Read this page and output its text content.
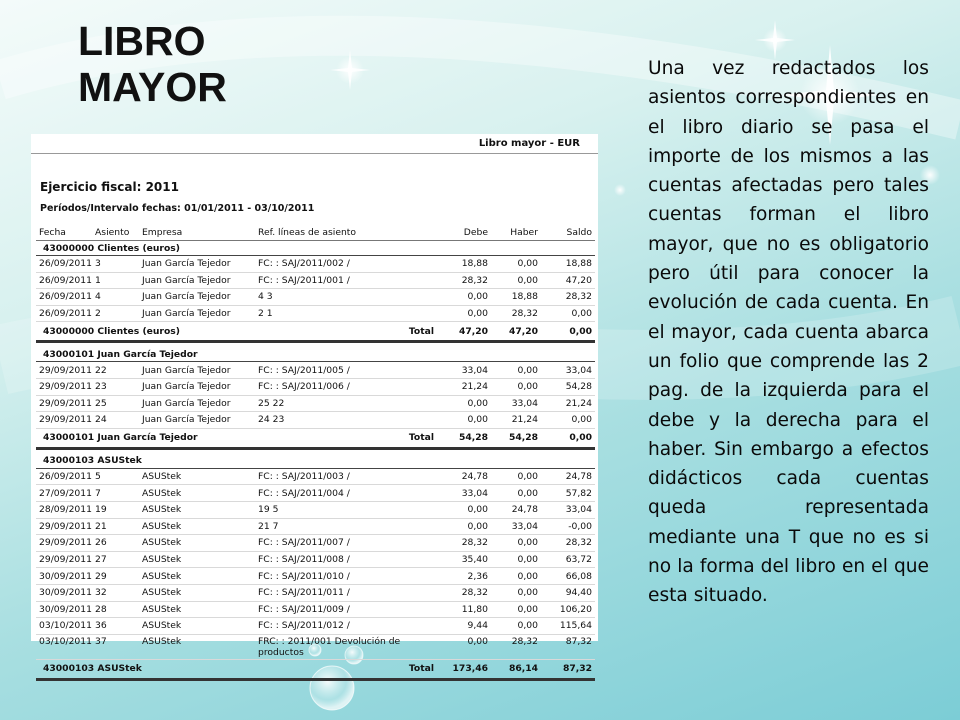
LIBRO
MAYOR	Una vez redactados los asientos correspondientes en el libro diario se pasa el importe de los mismos a las cuentas afectadas pero tales cuentas forman el libro mayor, que no es obligatorio pero útil para conocer la evolución de cada cuenta. En el mayor, cada cuenta abarca un folio que comprende las 2 pag. de la izquierda para el debe y la derecha para el haber. Sin embargo a efectos didácticos cada cuentas queda representada mediante una T que no es si no la forma del libro en el que esta situado.

Libro mayor - EUR
Ejercicio fiscal: 2011
Períodos/Intervalo fechas: 01/01/2011 - 03/10/2011
Fecha	Asiento	Empresa	Ref. líneas de asiento	Debe	Haber	Saldo
43000000 Clientes (euros)						
26/09/2011	3	Juan García Tejedor	FC: : SAJ/2011/002 /	18,88	0,00	18,88
26/09/2011	1	Juan García Tejedor	FC: : SAJ/2011/001 /	28,32	0,00	47,20
26/09/2011	4	Juan García Tejedor	4 3	0,00	18,88	28,32
26/09/2011	2	Juan García Tejedor	2 1	0,00	28,32	0,00
43000000 Clientes (euros)			Total	47,20	47,20	0,00

43000101 Juan García Tejedor						
29/09/2011	22	Juan García Tejedor	FC: : SAJ/2011/005 /	33,04	0,00	33,04
29/09/2011	23	Juan García Tejedor	FC: : SAJ/2011/006 /	21,24	0,00	54,28
29/09/2011	25	Juan García Tejedor	25 22	0,00	33,04	21,24
29/09/2011	24	Juan García Tejedor	24 23	0,00	21,24	0,00
43000101 Juan García Tejedor			Total	54,28	54,28	0,00

43000103 ASUStek						
26/09/2011	5	ASUStek	FC: : SAJ/2011/003 /	24,78	0,00	24,78
27/09/2011	7	ASUStek	FC: : SAJ/2011/004 /	33,04	0,00	57,82
28/09/2011	19	ASUStek	19 5	0,00	24,78	33,04
29/09/2011	21	ASUStek	21 7	0,00	33,04	-0,00
29/09/2011	26	ASUStek	FC: : SAJ/2011/007 /	28,32	0,00	28,32
29/09/2011	27	ASUStek	FC: : SAJ/2011/008 /	35,40	0,00	63,72
30/09/2011	29	ASUStek	FC: : SAJ/2011/010 /	2,36	0,00	66,08
30/09/2011	32	ASUStek	FC: : SAJ/2011/011 /	28,32	0,00	94,40
30/09/2011	28	ASUStek	FC: : SAJ/2011/009 /	11,80	0,00	106,20
03/10/2011	36	ASUStek	FC: : SAJ/2011/012 /	9,44	0,00	115,64
03/10/2011	37	ASUStek	FRC: : 2011/001 Devolución de productos	0,00	28,32	87,32
43000103 ASUStek			Total	173,46	86,14	87,32
